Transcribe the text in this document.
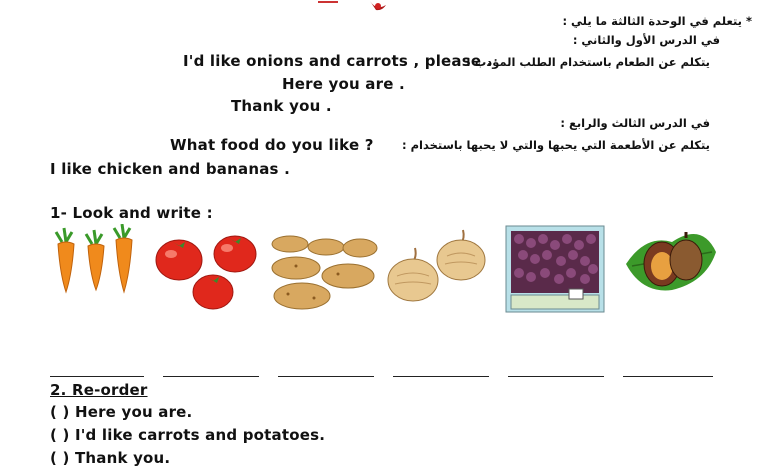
* يتعلم في الوحدة الثالثة ما يلي :
في الدرس الأول والثاني :
يتكلم عن الطعام باستخدام الطلب المؤدب :
في الدرس الثالث والرابع :
يتكلم عن الأطعمة التي يحبها والتي لا يحبها باستخدام :
I'd like onions and carrots , please .
Here you are .
Thank you .
What food do you like ?
I like chicken and bananas .
1- Look and write :
2. Re-order
( ) Here you are.
( ) I'd like carrots and potatoes.
( ) Thank you.
